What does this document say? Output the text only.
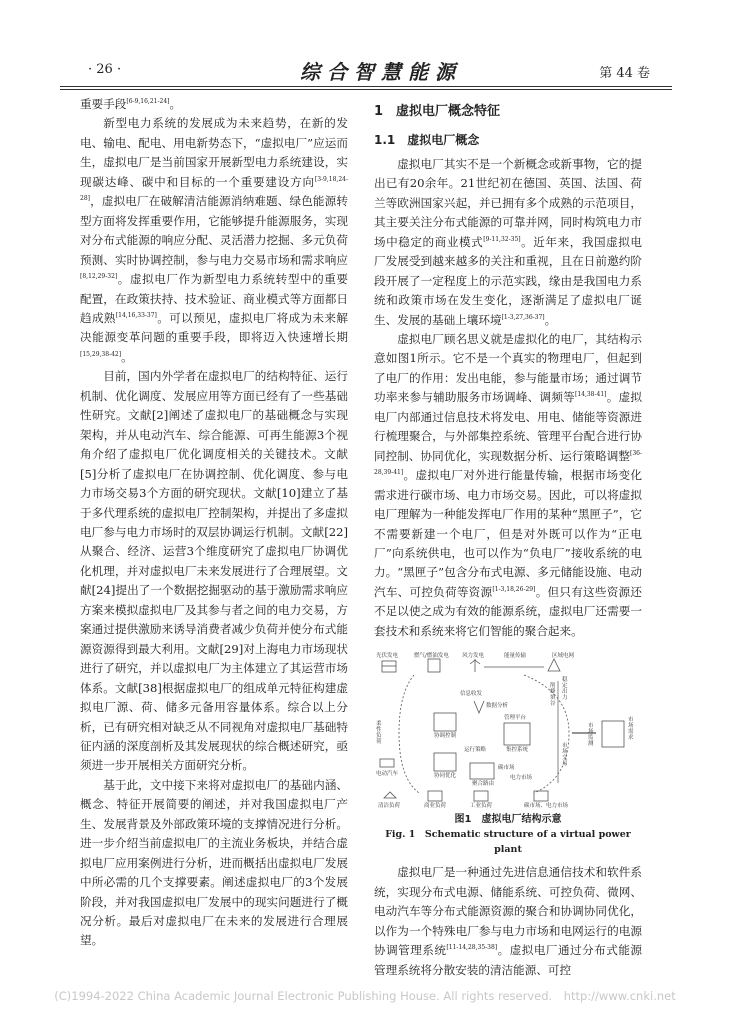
· 26 ·	综合智慧能源	第 44 卷

重要手段[6-9,16,21-24]。

新型电力系统的发展成为未来趋势，在新的发电、输电、配电、用电新势态下，“虚拟电厂”应运而生，虚拟电厂是当前国家开展新型电力系统建设，实现碳达峰、碳中和目标的一个重要建设方向[3-9,18,24-28]，虚拟电厂在破解清洁能源消纳难题、绿色能源转型方面将发挥重要作用，它能够提升能源服务，实现对分布式能源的响应分配、灵活潜力挖掘、多元负荷预测、实时协调控制，参与电力交易市场和需求响应[8,12,29-32]。虚拟电厂作为新型电力系统转型中的重要配置，在政策扶持、技术验证、商业模式等方面都日趋成熟[14,16,33-37]。可以预见，虚拟电厂将成为未来解决能源变革问题的重要手段，即将迈入快速增长期[15,29,38-42]。

目前，国内外学者在虚拟电厂的结构特征、运行机制、优化调度、发展应用等方面已经有了一些基础性研究。文献[2]阐述了虚拟电厂的基础概念与实现架构，并从电动汽车、综合能源、可再生能源3个视角介绍了虚拟电厂优化调度相关的关键技术。文献[5]分析了虚拟电厂在协调控制、优化调度、参与电力市场交易3个方面的研究现状。文献[10]建立了基于多代理系统的虚拟电厂控制架构，并提出了多虚拟电厂参与电力市场时的双层协调运行机制。文献[22]从聚合、经济、运营3个维度研究了虚拟电厂协调优化机理，并对虚拟电厂未来发展进行了合理展望。文献[24]提出了一个数据挖掘驱动的基于激励需求响应方案来模拟虚拟电厂及其参与者之间的电力交易，方案通过提供激励来诱导消费者减少负荷并使分布式能源资源得到最大利用。文献[29]对上海电力市场现状进行了研究，并以虚拟电厂为主体建立了其运营市场体系。文献[38]根据虚拟电厂的组成单元特征构建虚拟电厂源、荷、储多元备用容量体系。综合以上分析，已有研究相对缺乏从不同视角对虚拟电厂基础特征内涵的深度剖析及其发展现状的综合概述研究，亟须进一步开展相关方面研究分析。

基于此，文中接下来将对虚拟电厂的基础内涵、概念、特征开展简要的阐述，并对我国虚拟电厂产生、发展背景及外部政策环境的支撑情况进行分析。进一步介绍当前虚拟电厂的主流业务板块，并结合虚拟电厂应用案例进行分析，进而概括出虚拟电厂发展中所必需的几个支撑要素。阐述虚拟电厂的3个发展阶段，并对我国虚拟电厂发展中的现实问题进行了概况分析。最后对虚拟电厂在未来的发展进行合理展望。

1　虚拟电厂概念特征
1.1　虚拟电厂概念

虚拟电厂其实不是一个新概念或新事物，它的提出已有20余年。21世纪初在德国、英国、法国、荷兰等欧洲国家兴起，并已拥有多个成熟的示范项目，其主要关注分布式能源的可靠并网，同时构筑电力市场中稳定的商业模式[9-11,32-35]。近年来，我国虚拟电厂发展受到越来越多的关注和重视，且在日前邀约阶段开展了一定程度上的示范实践，缘由是我国电力系统和政策市场在发生变化，逐渐满足了虚拟电厂诞生、发展的基础上壤环境[1-3,27,36-37]。

虚拟电厂顾名思义就是虚拟化的电厂，其结构示意如图1所示。它不是一个真实的物理电厂，但起到了电厂的作用：发出电能，参与能量市场；通过调节功率来参与辅助服务市场调峰、调频等[14,38-41]。虚拟电厂内部通过信息技术将发电、用电、储能等资源进行梳理聚合，与外部集控系统、管理平台配合进行协同控制、协同优化，实现数据分析、运行策略调整[36-28,39-41]。虚拟电厂对外进行能量传输，根据市场变化需求进行碳市场、电力市场交易。因此，可以将虚拟电厂理解为一种能发挥电厂作用的某种“黑匣子”，它不需要新建一个电厂，但是对外既可以作为“正电厂”向系统供电，也可以作为“负电厂”接收系统的电力。“黑匣子”包含分布式电源、多元储能设施、电动汽车、可控负荷等资源[1-3,18,26-29]。但只有这些资源还不足以使之成为有效的能源系统，虚拟电厂还需要一套技术和系统来将它们智能的聚合起来。

光伏发电	燃气/燃油发电 风力发电	能量传输	区域电网
柔性负荷
电动汽车
信息收发
协调控制
协同优化
管理平台
集控系统
数据分析
运行策略
碳市场
电力市场
聚合路由
稳定出力
削峰填谷
市场交易
市场监测
市场需求
清洁负荷	商业负荷	工业负荷	碳市场、电力市场
图1　虚拟电厂结构示意
Fig. 1　Schematic structure of a virtual power plant

虚拟电厂是一种通过先进信息通信技术和软件系统，实现分布式电源、储能系统、可控负荷、微网、电动汽车等分布式能源资源的聚合和协调协同优化，以作为一个特殊电厂参与电力市场和电网运行的电源协调管理系统[11-14,28,35-38]。虚拟电厂通过分布式能源管理系统将分散安装的清洁能源、可控

(C)1994-2022 China Academic Journal Electronic Publishing House. All rights reserved.　http://www.cnki.net
